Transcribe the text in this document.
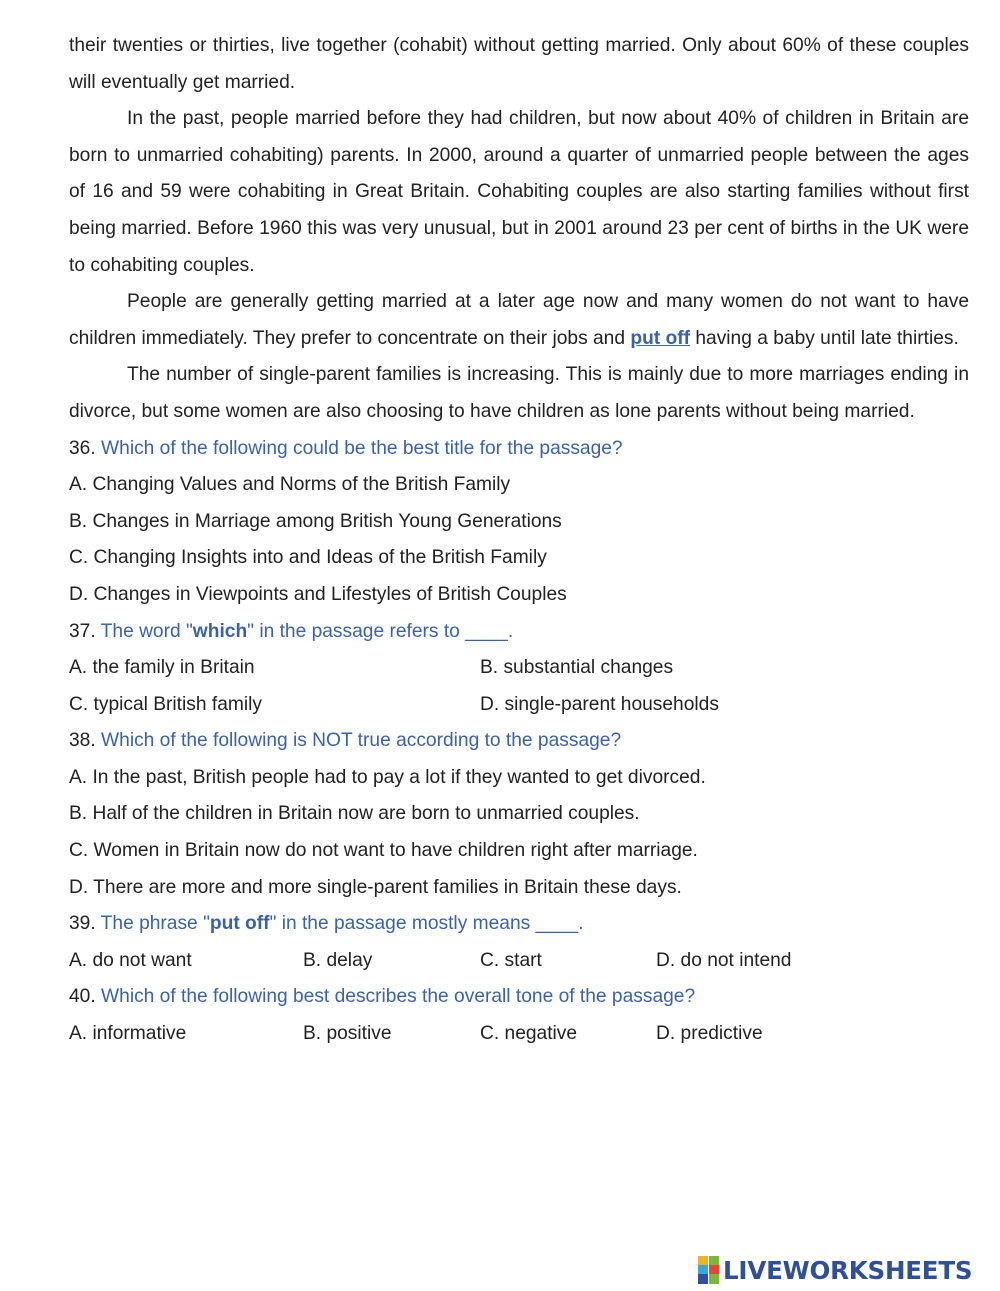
their twenties or thirties, live together (cohabit) without getting married. Only about 60% of these couples will eventually get married.

In the past, people married before they had children, but now about 40% of children in Britain are born to unmarried cohabiting) parents. In 2000, around a quarter of unmarried people between the ages of 16 and 59 were cohabiting in Great Britain. Cohabiting couples are also starting families without first being married. Before 1960 this was very unusual, but in 2001 around 23 per cent of births in the UK were to cohabiting couples.

People are generally getting married at a later age now and many women do not want to have children immediately. They prefer to concentrate on their jobs and put off having a baby until late thirties.

The number of single-parent families is increasing. This is mainly due to more marriages ending in divorce, but some women are also choosing to have children as lone parents without being married.

36. Which of the following could be the best title for the passage?

A. Changing Values and Norms of the British Family

B. Changes in Marriage among British Young Generations

C. Changing Insights into and Ideas of the British Family

D. Changes in Viewpoints and Lifestyles of British Couples

37. The word "which" in the passage refers to ____.

A. the family in Britain	B. substantial changes
C. typical British family	D. single-parent households

38. Which of the following is NOT true according to the passage?

A. In the past, British people had to pay a lot if they wanted to get divorced.

B. Half of the children in Britain now are born to unmarried couples.

C. Women in Britain now do not want to have children right after marriage.

D. There are more and more single-parent families in Britain these days.

39. The phrase "put off" in the passage mostly means ____.

A. do not want	B. delay	C. start	D. do not intend

40. Which of the following best describes the overall tone of the passage?

A. informative	B. positive	C. negative	D. predictive
LIVEWORKSHEETS
